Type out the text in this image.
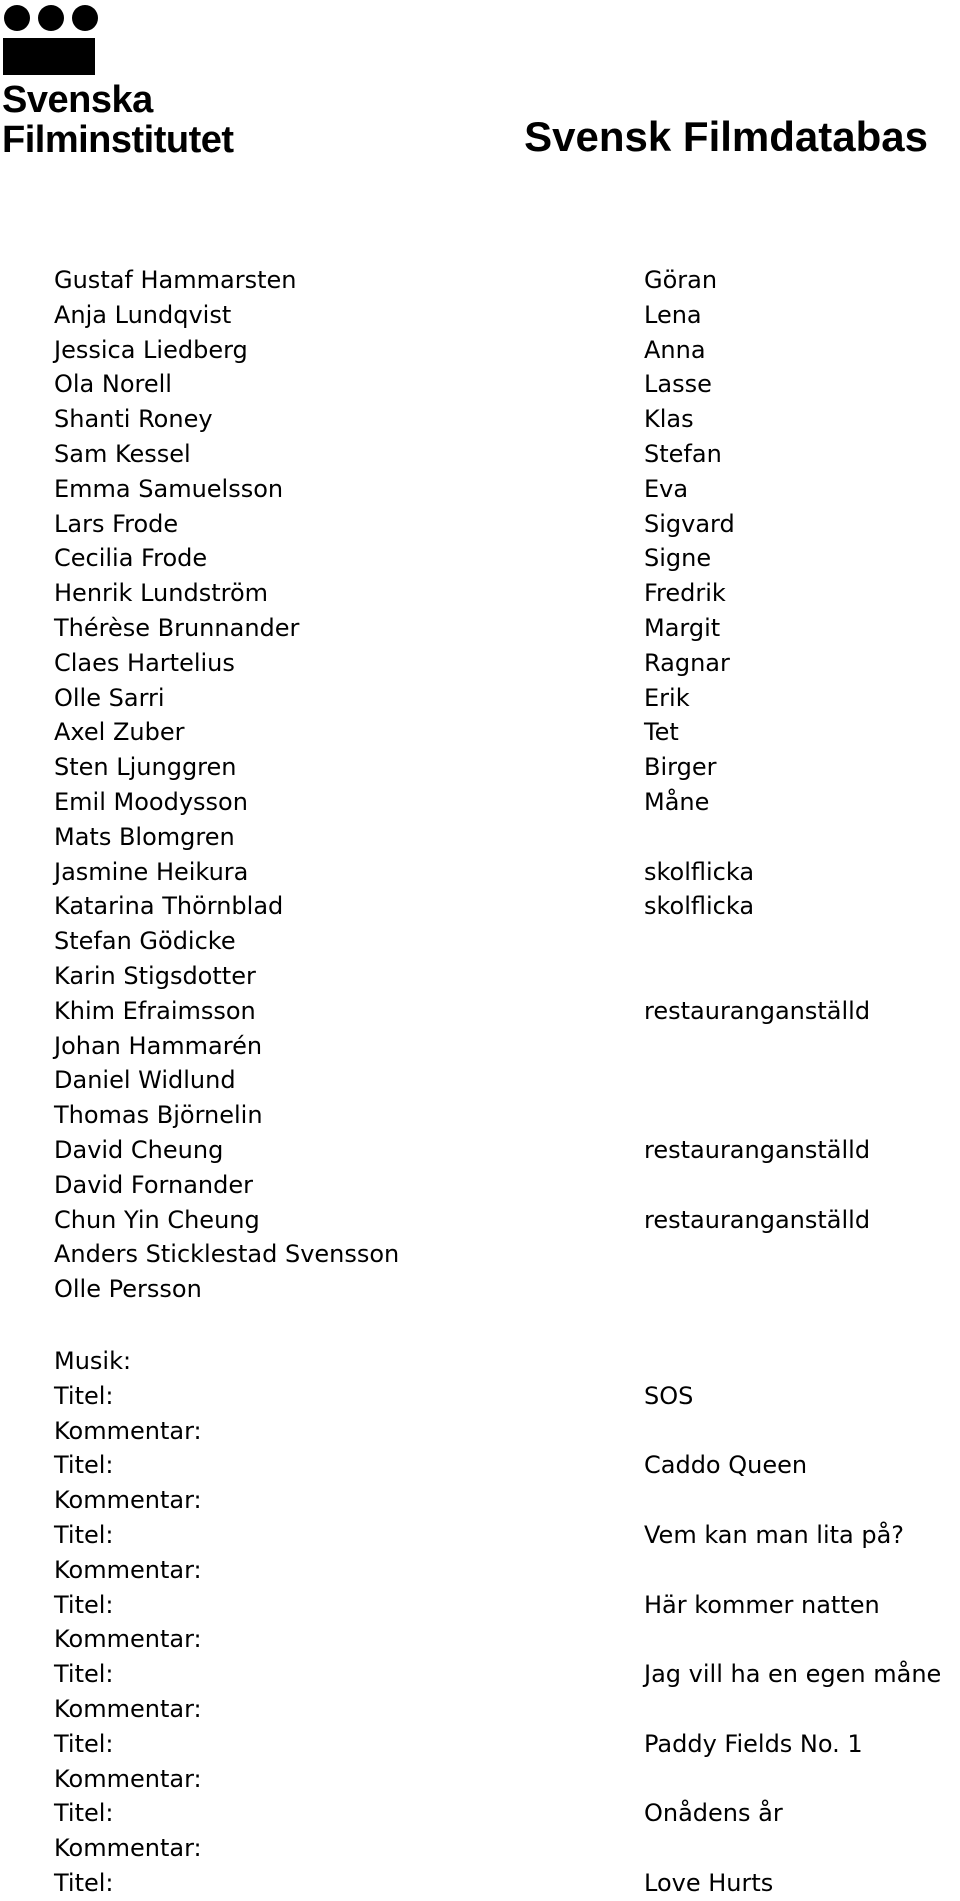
Svenska
Filminstitutet	Svensk Filmdatabas
Gustaf Hammarsten	Göran
Anja Lundqvist	Lena
Jessica Liedberg	Anna
Ola Norell	Lasse
Shanti Roney	Klas
Sam Kessel	Stefan
Emma Samuelsson	Eva
Lars Frode	Sigvard
Cecilia Frode	Signe
Henrik Lundström	Fredrik
Thérèse Brunnander	Margit
Claes Hartelius	Ragnar
Olle Sarri	Erik
Axel Zuber	Tet
Sten Ljunggren	Birger
Emil Moodysson	Måne
Mats Blomgren
Jasmine Heikura	skolflicka
Katarina Thörnblad	skolflicka
Stefan Gödicke
Karin Stigsdotter
Khim Efraimsson	restauranganställd
Johan Hammarén
Daniel Widlund
Thomas Björnelin
David Cheung	restauranganställd
David Fornander
Chun Yin Cheung	restauranganställd
Anders Sticklestad Svensson
Olle Persson
Musik:
Titel:	SOS
Kommentar:
Titel:	Caddo Queen
Kommentar:
Titel:	Vem kan man lita på?
Kommentar:
Titel:	Här kommer natten
Kommentar:
Titel:	Jag vill ha en egen måne
Kommentar:
Titel:	Paddy Fields No. 1
Kommentar:
Titel:	Onådens år
Kommentar:
Titel:	Love Hurts
